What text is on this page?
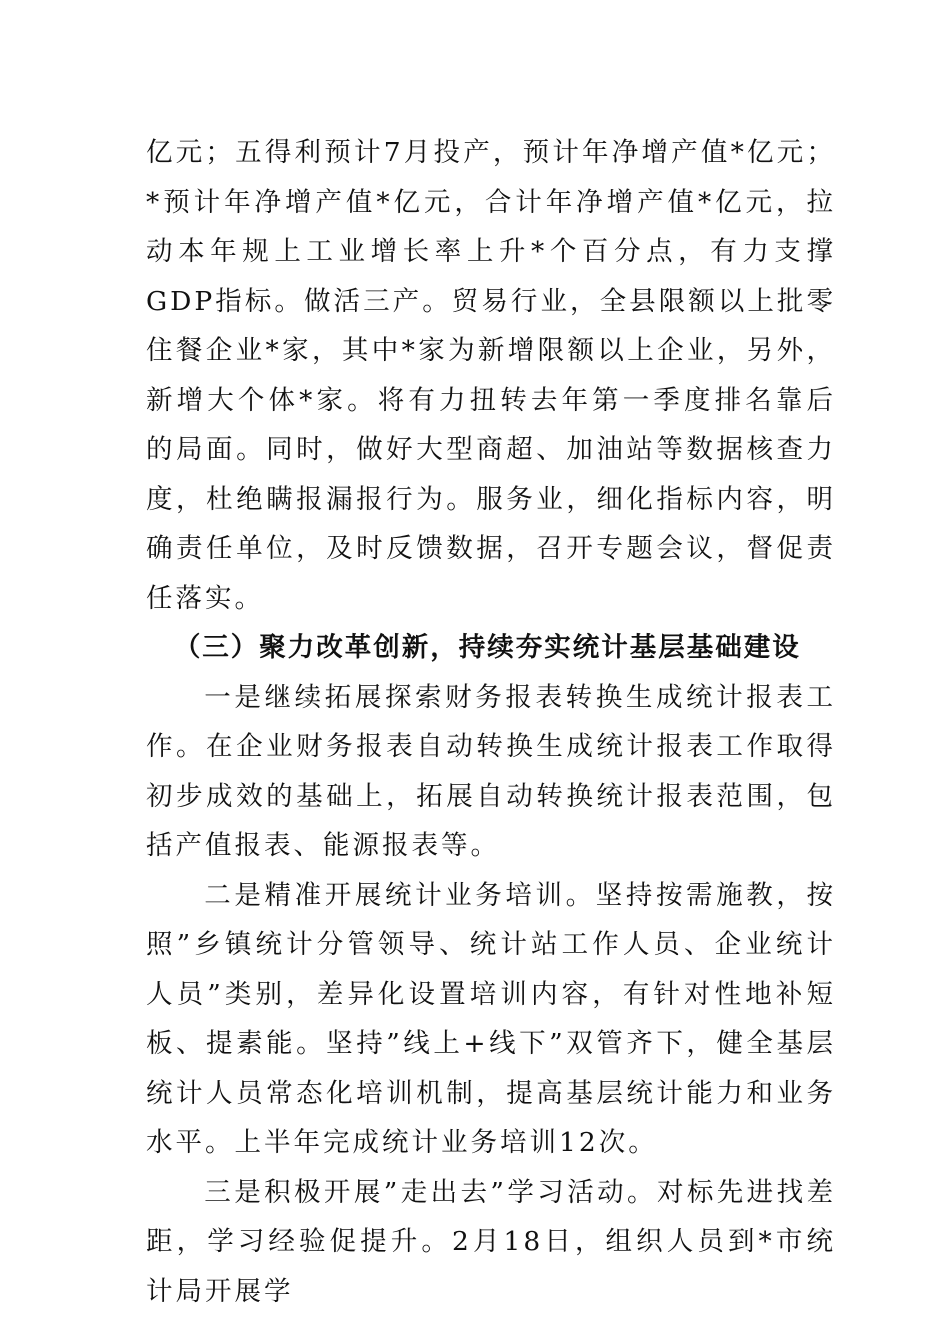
亿元；五得利预计7月投产，预计年净增产值*亿元；*预计年净增产值*亿元，合计年净增产值*亿元，拉动本年规上工业增长率上升*个百分点，有力支撑GDP指标。做活三产。贸易行业，全县限额以上批零住餐企业*家，其中*家为新增限额以上企业，另外，新增大个体*家。将有力扭转去年第一季度排名靠后的局面。同时，做好大型商超、加油站等数据核查力度，杜绝瞒报漏报行为。服务业，细化指标内容，明确责任单位，及时反馈数据，召开专题会议，督促责任落实。

（三）聚力改革创新，持续夯实统计基层基础建设

一是继续拓展探索财务报表转换生成统计报表工作。在企业财务报表自动转换生成统计报表工作取得初步成效的基础上，拓展自动转换统计报表范围，包括产值报表、能源报表等。

二是精准开展统计业务培训。坚持按需施教，按照”乡镇统计分管领导、统计站工作人员、企业统计人员”类别，差异化设置培训内容，有针对性地补短板、提素能。坚持”线上+线下”双管齐下，健全基层统计人员常态化培训机制，提高基层统计能力和业务水平。上半年完成统计业务培训12次。

三是积极开展”走出去”学习活动。对标先进找差距，学习经验促提升。2月18日，组织人员到*市统计局开展学
